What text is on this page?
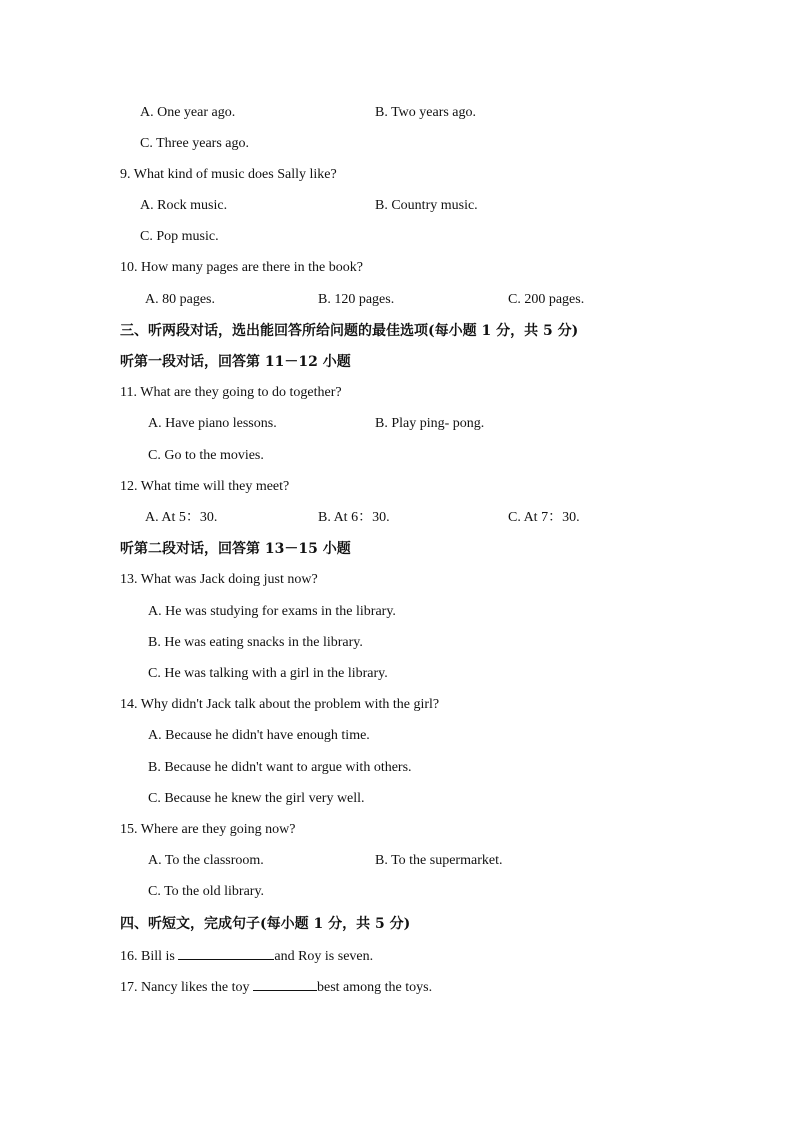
A. One year ago.	B. Two years ago.
C. Three years ago.
9. What kind of music does Sally like?
A. Rock music.	B. Country music.
C. Pop music.
10. How many pages are there in the book?
A. 80 pages.	B. 120 pages.	C. 200 pages.
三、听两段对话，选出能回答所给问题的最佳选项(每小题 1 分，共 5 分)
听第一段对话，回答第 11－12 小题
11. What are they going to do together?
A. Have piano lessons.	B. Play ping- pong.
C. Go to the movies.
12. What time will they meet?
A. At 5：30.	B. At 6：30.	C. At 7：30.
听第二段对话，回答第 13－15 小题
13. What was Jack doing just now?
A. He was studying for exams in the library.
B. He was eating snacks in the library.
C. He was talking with a girl in the library.
14. Why didn't Jack talk about the problem with the girl?
A. Because he didn't have enough time.
B. Because he didn't want to argue with others.
C. Because he knew the girl very well.
15. Where are they going now?
A. To the classroom.	B. To the supermarket.
C. To the old library.
四、听短文，完成句子(每小题 1 分，共 5 分)
16. Bill is	and Roy is seven.
17. Nancy likes the toy	best among the toys.
